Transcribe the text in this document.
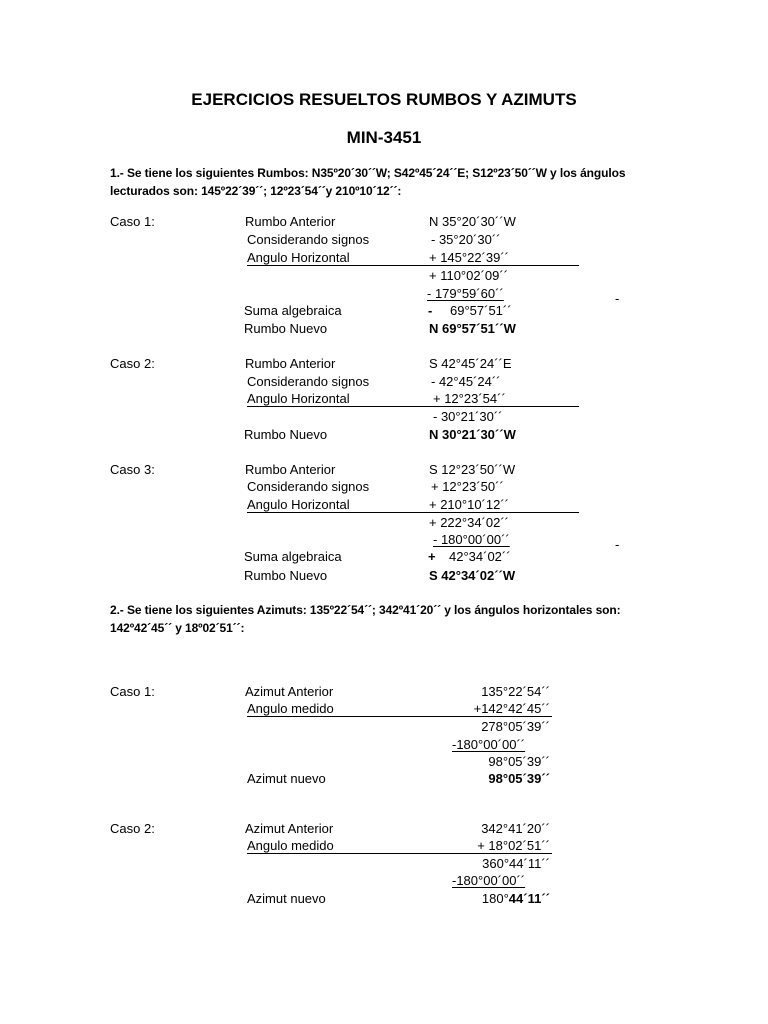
EJERCICIOS RESUELTOS RUMBOS Y AZIMUTS
MIN-3451
1.- Se tiene los siguientes Rumbos: N35º20´30´´W; S42º45´24´´E; S12º23´50´´W y los ángulos
lecturados son: 145º22´39´´; 12º23´54´´y 210º10´12´´:
Caso 1:	Rumbo Anterior	N 35°20´30´´W
Considerando signos	- 35°20´30´´
Angulo Horizontal	+ 145°22´39´´
+ 110°02´09´´
- 179°59´60´´	-
Suma algebraica	- 69°57´51´´
Rumbo Nuevo	N 69°57´51´´W
Caso 2:	Rumbo Anterior	S 42°45´24´´E
Considerando signos	- 42°45´24´´
Angulo Horizontal	+ 12°23´54´´
- 30°21´30´´
Rumbo Nuevo	N 30°21´30´´W
Caso 3:	Rumbo Anterior	S 12°23´50´´W
Considerando signos	+ 12°23´50´´
Angulo Horizontal	+ 210°10´12´´
+ 222°34´02´´
- 180°00´00´´	-
Suma algebraica	+ 42°34´02´´
Rumbo Nuevo	S 42°34´02´´W
2.- Se tiene los siguientes Azimuts: 135º22´54´´; 342º41´20´´ y los ángulos horizontales son:
142º42´45´´ y 18º02´51´´:
Caso 1:	Azimut Anterior	135°22´54´´
Angulo medido	+142°42´45´´
278°05´39´´
-180°00´00´´
98°05´39´´
Azimut nuevo	98°05´39´´
Caso 2:	Azimut Anterior	342°41´20´´
Angulo medido	+ 18°02´51´´
360°44´11´´
-180°00´00´´
Azimut nuevo	180°44´11´´
